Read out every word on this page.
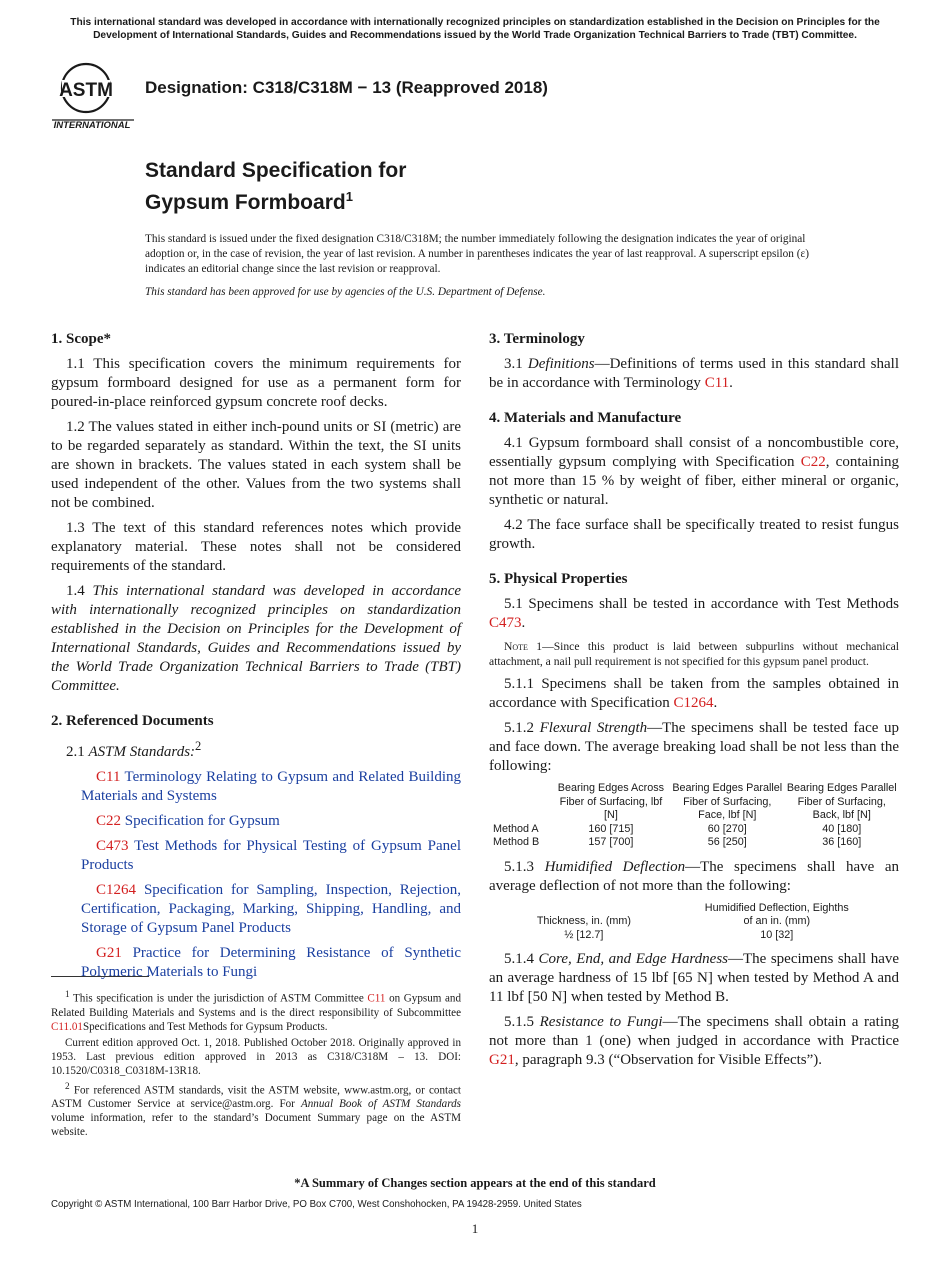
This international standard was developed in accordance with internationally recognized principles on standardization established in the Decision on Principles for the Development of International Standards, Guides and Recommendations issued by the World Trade Organization Technical Barriers to Trade (TBT) Committee.
ASTM
INTERNATIONAL
Designation: C318/C318M − 13 (Reapproved 2018)
Standard Specification for
Gypsum Formboard$^1$
This standard is issued under the fixed designation C318/C318M; the number immediately following the designation indicates the year of original adoption or, in the case of revision, the year of last revision. A number in parentheses indicates the year of last reapproval. A superscript epsilon (ε) indicates an editorial change since the last revision or reapproval.
This standard has been approved for use by agencies of the U.S. Department of Defense.
1. Scope*

1.1 This specification covers the minimum requirements for gypsum formboard designed for use as a permanent form for poured-in-place reinforced gypsum concrete roof decks.

1.2 The values stated in either inch-pound units or SI (metric) are to be regarded separately as standard. Within the text, the SI units are shown in brackets. The values stated in each system shall be used independent of the other. Values from the two systems shall not be combined.

1.3 The text of this standard references notes which provide explanatory material. These notes shall not be considered requirements of the standard.

1.4 This international standard was developed in accordance with internationally recognized principles on standardization established in the Decision on Principles for the Development of International Standards, Guides and Recommendations issued by the World Trade Organization Technical Barriers to Trade (TBT) Committee.

2. Referenced Documents

2.1 ASTM Standards:$^2$

C11 Terminology Relating to Gypsum and Related Building Materials and Systems

C22 Specification for Gypsum

C473 Test Methods for Physical Testing of Gypsum Panel Products

C1264 Specification for Sampling, Inspection, Rejection, Certification, Packaging, Marking, Shipping, Handling, and Storage of Gypsum Panel Products

G21 Practice for Determining Resistance of Synthetic Polymeric Materials to Fungi

3. Terminology

3.1 Definitions—Definitions of terms used in this standard shall be in accordance with Terminology C11.

4. Materials and Manufacture

4.1 Gypsum formboard shall consist of a noncombustible core, essentially gypsum complying with Specification C22, containing not more than 15 % by weight of fiber, either mineral or organic, synthetic or natural.

4.2 The face surface shall be specifically treated to resist fungus growth.

5. Physical Properties

5.1 Specimens shall be tested in accordance with Test Methods C473.

Note 1—Since this product is laid between subpurlins without mechanical attachment, a nail pull requirement is not specified for this gypsum panel product.

5.1.1 Specimens shall be taken from the samples obtained in accordance with Specification C1264.

5.1.2 Flexural Strength—The specimens shall be tested face up and face down. The average breaking load shall be not less than the following:

	Bearing Edges Across Fiber of Surfacing, lbf [N]	Bearing Edges Parallel Fiber of Surfacing, Face, lbf [N]	Bearing Edges Parallel Fiber of Surfacing, Back, lbf [N]
Method A	160 [715]	60 [270]	40 [180]
Method B	157 [700]	56 [250]	36 [160]

5.1.3 Humidified Deflection—The specimens shall have an average deflection of not more than the following:

	Thickness, in. (mm)		Humidified Deflection, Eighths of an in. (mm)	
	½ [12.7]		10 [32]	

5.1.4 Core, End, and Edge Hardness—The specimens shall have an average hardness of 15 lbf [65 N] when tested by Method A and 11 lbf [50 N] when tested by Method B.

5.1.5 Resistance to Fungi—The specimens shall obtain a rating not more than 1 (one) when judged in accordance with Practice G21, paragraph 9.3 (“Observation for Visible Effects”).

$^1$ This specification is under the jurisdiction of ASTM Committee C11 on Gypsum and Related Building Materials and Systems and is the direct responsibility of Subcommittee C11.01Specifications and Test Methods for Gypsum Products.

Current edition approved Oct. 1, 2018. Published October 2018. Originally approved in 1953. Last previous edition approved in 2013 as C318/C318M – 13. DOI: 10.1520/C0318_C0318M-13R18.

$^2$ For referenced ASTM standards, visit the ASTM website, www.astm.org, or contact ASTM Customer Service at service@astm.org. For Annual Book of ASTM Standards volume information, refer to the standard’s Document Summary page on the ASTM website.

*A Summary of Changes section appears at the end of this standard
Copyright © ASTM International, 100 Barr Harbor Drive, PO Box C700, West Conshohocken, PA 19428-2959. United States
1
